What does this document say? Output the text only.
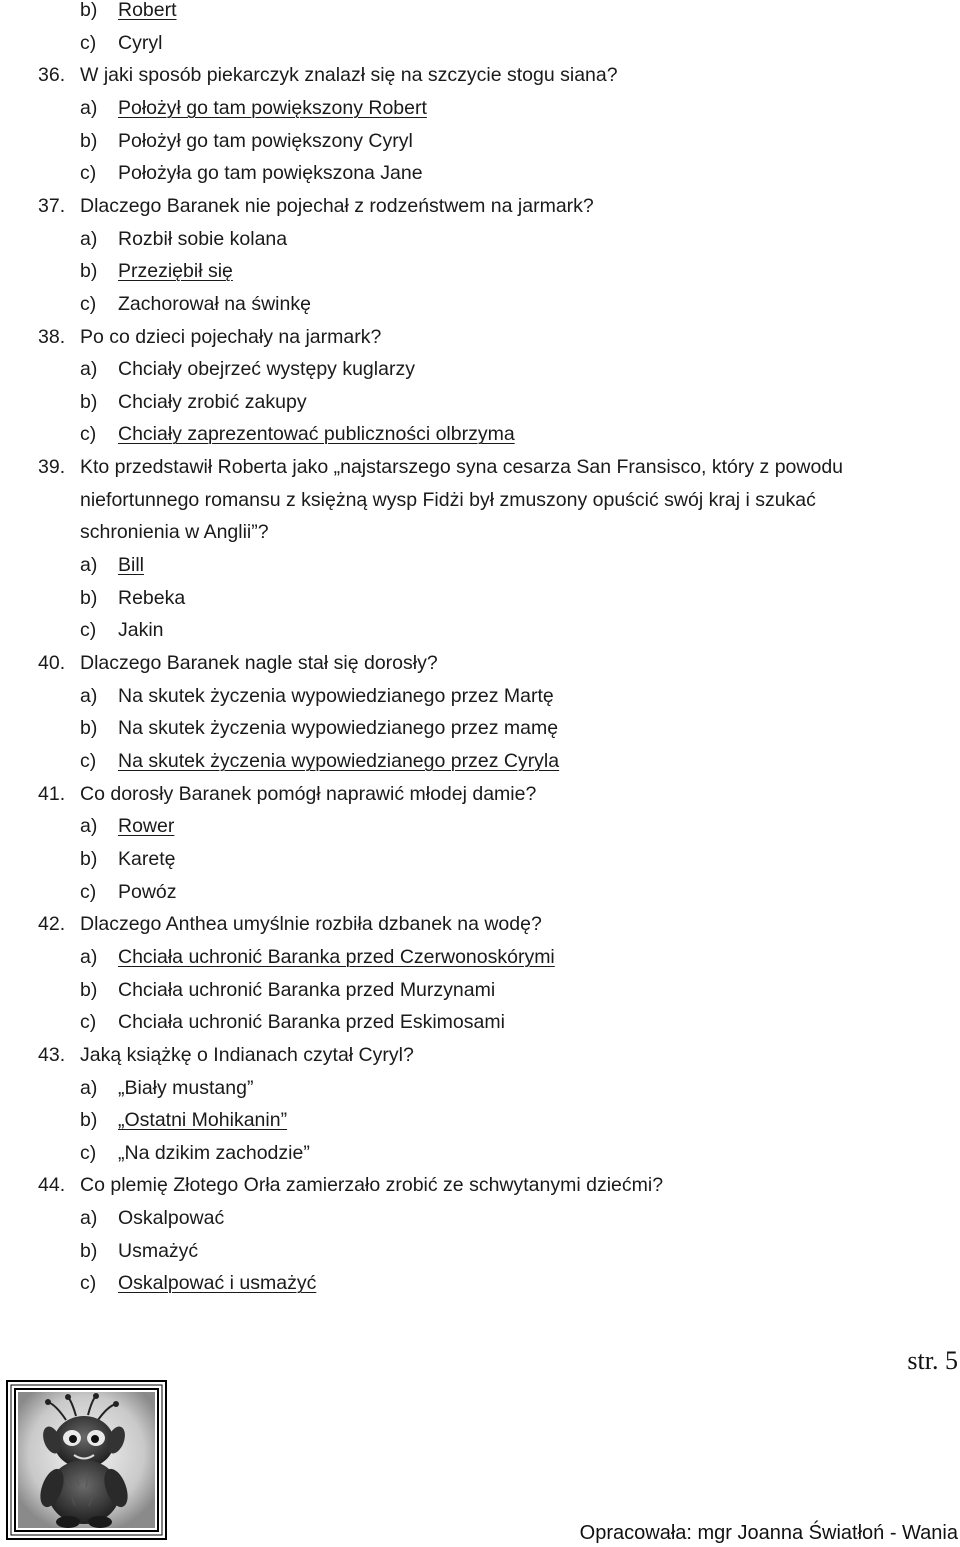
b) Robert
c) Cyryl
36. W jaki sposób piekarczyk znalazł się na szczycie stogu siana?
a) Położył go tam powiększony Robert
b) Położył go tam powiększony Cyryl
c) Położyła go tam powiększona Jane
37. Dlaczego Baranek nie pojechał z rodzeństwem na jarmark?
a) Rozbił sobie kolana
b) Przeziębił się
c) Zachorował na świnkę
38. Po co dzieci pojechały na jarmark?
a) Chciały obejrzeć występy kuglarzy
b) Chciały zrobić zakupy
c) Chciały zaprezentować publiczności olbrzyma
39. Kto przedstawił Roberta jako „najstarszego syna cesarza San Fransisco, który z powodu
niefortunnego romansu z księżną wysp Fidżi był zmuszony opuścić swój kraj i szukać
schronienia w Anglii”?
a) Bill
b) Rebeka
c) Jakin
40. Dlaczego Baranek nagle stał się dorosły?
a) Na skutek życzenia wypowiedzianego przez Martę
b) Na skutek życzenia wypowiedzianego przez mamę
c) Na skutek życzenia wypowiedzianego przez Cyryla
41. Co dorosły Baranek pomógł naprawić młodej damie?
a) Rower
b) Karetę
c) Powóz
42. Dlaczego Anthea umyślnie rozbiła dzbanek na wodę?
a) Chciała uchronić Baranka przed Czerwonoskórymi
b) Chciała uchronić Baranka przed Murzynami
c) Chciała uchronić Baranka przed Eskimosami
43. Jaką książkę o Indianach czytał Cyryl?
a) „Biały mustang”
b) „Ostatni Mohikanin”
c) „Na dzikim zachodzie”
44. Co plemię Złotego Orła zamierzało zrobić ze schwytanymi dziećmi?
a) Oskalpować
b) Usmażyć
c) Oskalpować i usmażyć
str. 5
Opracowała: mgr Joanna Światłoń - Wania
